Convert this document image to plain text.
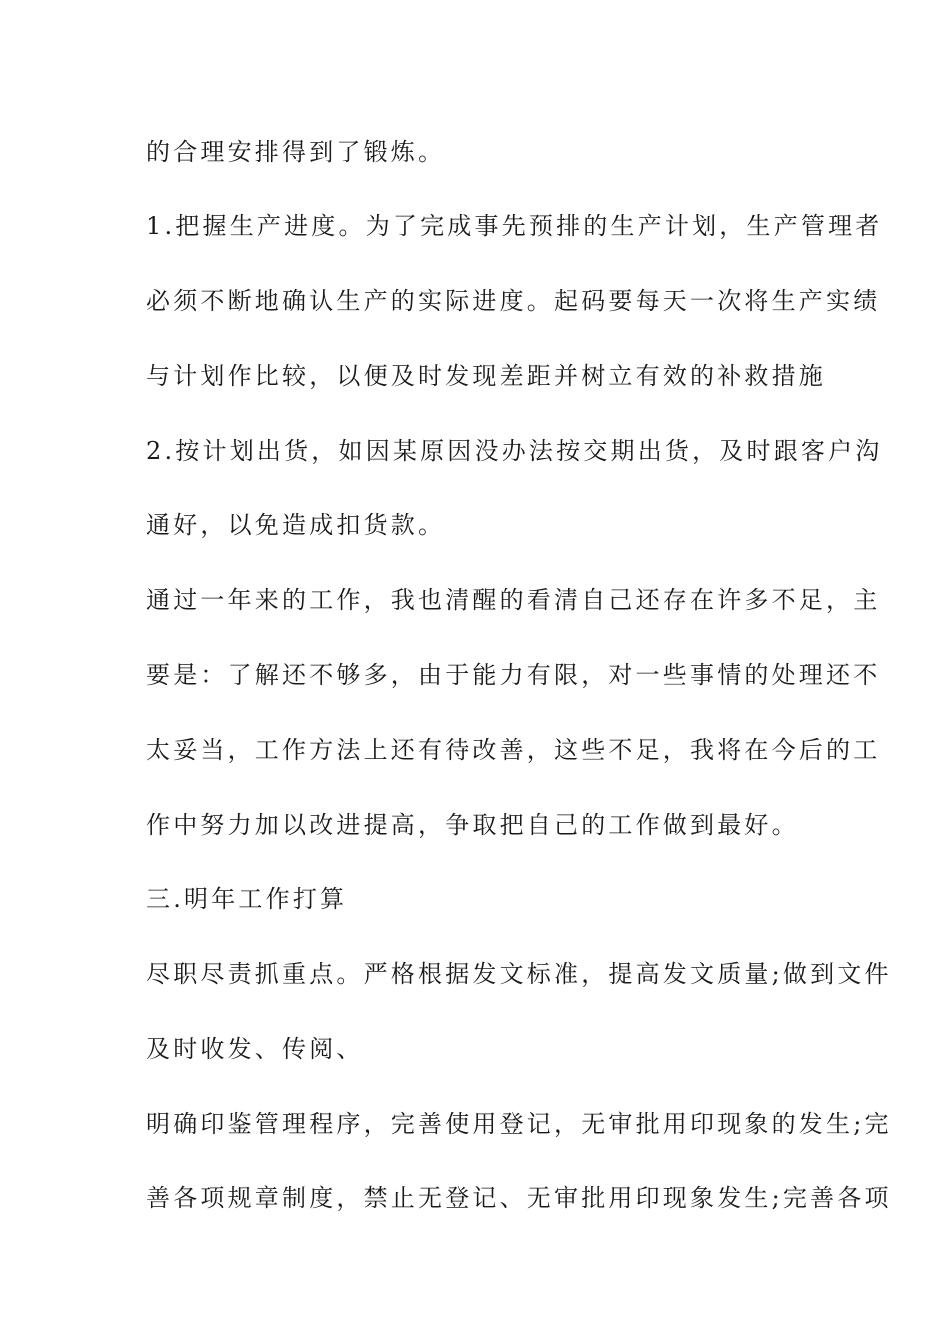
的合理安排得到了锻炼。
1.把握生产进度。为了完成事先预排的生产计划，生产管理者
必须不断地确认生产的实际进度。起码要每天一次将生产实绩
与计划作比较，以便及时发现差距并树立有效的补救措施
2.按计划出货，如因某原因没办法按交期出货，及时跟客户沟
通好，以免造成扣货款。
通过一年来的工作，我也清醒的看清自己还存在许多不足，主
要是：了解还不够多，由于能力有限，对一些事情的处理还不
太妥当，工作方法上还有待改善，这些不足，我将在今后的工
作中努力加以改进提高，争取把自己的工作做到最好。
三.明年工作打算
尽职尽责抓重点。严格根据发文标准，提高发文质量;做到文件
及时收发、传阅、
明确印鉴管理程序，完善使用登记，无审批用印现象的发生;完
善各项规章制度，禁止无登记、无审批用印现象发生;完善各项
